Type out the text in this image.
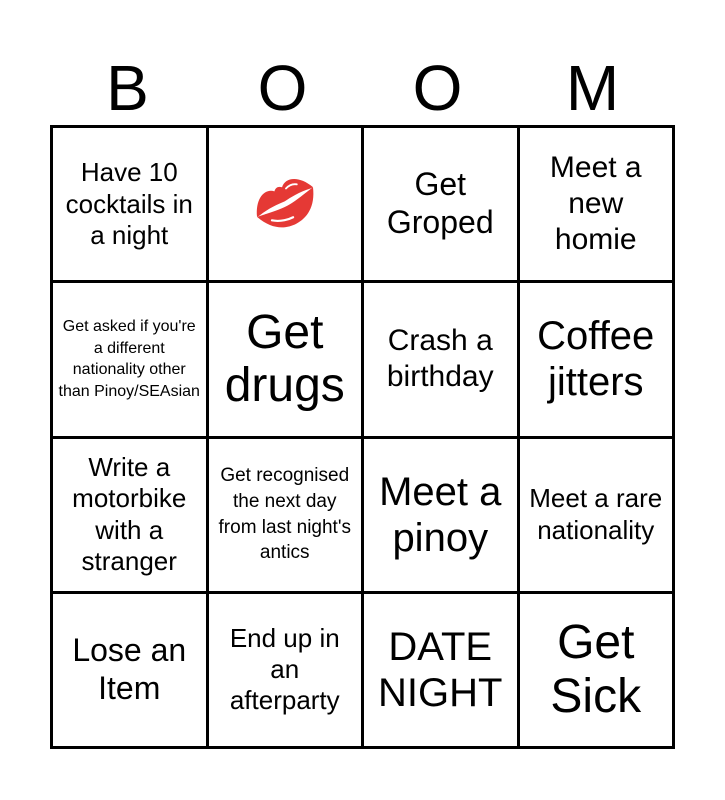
B	O	O	M
Have 10 cocktails in a night
Get Groped
Meet a new homie
Get asked if you're a different nationality other than Pinoy/SEAsian
Get drugs
Crash a birthday
Coffee jitters
Write a motorbike with a stranger
Get recognised the next day from last night's antics
Meet a pinoy
Meet a rare nationality
Lose an Item
End up in an afterparty
DATE NIGHT
Get Sick
